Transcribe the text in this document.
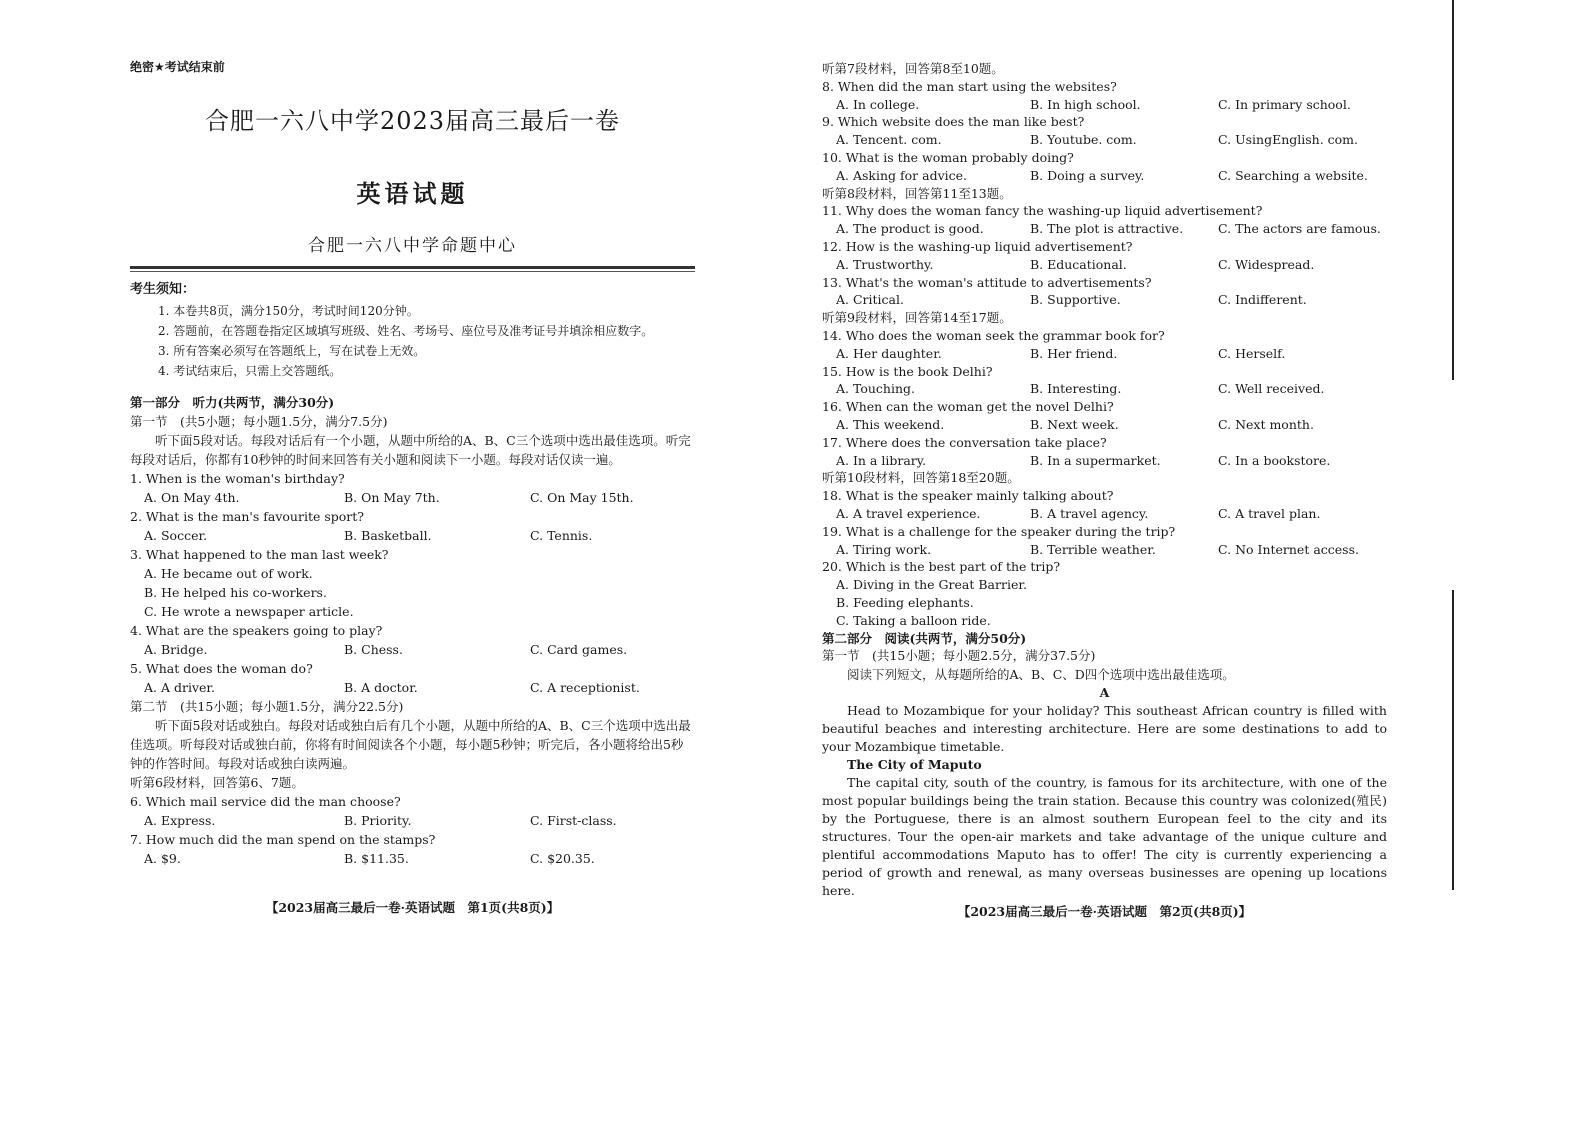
绝密★考试结束前
合肥一六八中学2023届高三最后一卷
英语试题
合肥一六八中学命题中心
考生须知：
1. 本卷共8页，满分150分，考试时间120分钟。
2. 答题前，在答题卷指定区域填写班级、姓名、考场号、座位号及准考证号并填涂相应数字。
3. 所有答案必须写在答题纸上，写在试卷上无效。
4. 考试结束后，只需上交答题纸。
第一部分　听力(共两节，满分30分)
第一节　(共5小题；每小题1.5分，满分7.5分)
听下面5段对话。每段对话后有一个小题，从题中所给的A、B、C三个选项中选出最佳选项。听完每段对话后，你都有10秒钟的时间来回答有关小题和阅读下一小题。每段对话仅读一遍。
1. When is the woman's birthday?
A. On May 4th.	B. On May 7th.	C. On May 15th.
2. What is the man's favourite sport?
A. Soccer.	B. Basketball.	C. Tennis.
3. What happened to the man last week?
A. He became out of work.
B. He helped his co-workers.
C. He wrote a newspaper article.
4. What are the speakers going to play?
A. Bridge.	B. Chess.	C. Card games.
5. What does the woman do?
A. A driver.	B. A doctor.	C. A receptionist.
第二节　(共15小题；每小题1.5分，满分22.5分)
听下面5段对话或独白。每段对话或独白后有几个小题，从题中所给的A、B、C三个选项中选出最佳选项。听每段对话或独白前，你将有时间阅读各个小题，每小题5秒钟；听完后，各小题将给出5秒钟的作答时间。每段对话或独白读两遍。
听第6段材料，回答第6、7题。
6. Which mail service did the man choose?
A. Express.	B. Priority.	C. First-class.
7. How much did the man spend on the stamps?
A. $9.	B. $11.35.	C. $20.35.
【2023届高三最后一卷·英语试题　第1页(共8页)】
听第7段材料，回答第8至10题。
8. When did the man start using the websites?
A. In college.	B. In high school.	C. In primary school.
9. Which website does the man like best?
A. Tencent. com.	B. Youtube. com.	C. UsingEnglish. com.
10. What is the woman probably doing?
A. Asking for advice.	B. Doing a survey.	C. Searching a website.
听第8段材料，回答第11至13题。
11. Why does the woman fancy the washing-up liquid advertisement?
A. The product is good.	B. The plot is attractive.	C. The actors are famous.
12. How is the washing-up liquid advertisement?
A. Trustworthy.	B. Educational.	C. Widespread.
13. What's the woman's attitude to advertisements?
A. Critical.	B. Supportive.	C. Indifferent.
听第9段材料，回答第14至17题。
14. Who does the woman seek the grammar book for?
A. Her daughter.	B. Her friend.	C. Herself.
15. How is the book Delhi?
A. Touching.	B. Interesting.	C. Well received.
16. When can the woman get the novel Delhi?
A. This weekend.	B. Next week.	C. Next month.
17. Where does the conversation take place?
A. In a library.	B. In a supermarket.	C. In a bookstore.
听第10段材料，回答第18至20题。
18. What is the speaker mainly talking about?
A. A travel experience.	B. A travel agency.	C. A travel plan.
19. What is a challenge for the speaker during the trip?
A. Tiring work.	B. Terrible weather.	C. No Internet access.
20. Which is the best part of the trip?
A. Diving in the Great Barrier.
B. Feeding elephants.
C. Taking a balloon ride.
第二部分　阅读(共两节，满分50分)
第一节　(共15小题；每小题2.5分，满分37.5分)
阅读下列短文，从每题所给的A、B、C、D四个选项中选出最佳选项。
A
Head to Mozambique for your holiday? This southeast African country is filled with beautiful beaches and interesting architecture. Here are some destinations to add to your Mozambique timetable.
The City of Maputo
The capital city, south of the country, is famous for its architecture, with one of the most popular buildings being the train station. Because this country was colonized(殖民) by the Portuguese, there is an almost southern European feel to the city and its structures. Tour the open-air markets and take advantage of the unique culture and plentiful accommodations Maputo has to offer! The city is currently experiencing a period of growth and renewal, as many overseas businesses are opening up locations here.
【2023届高三最后一卷·英语试题　第2页(共8页)】
